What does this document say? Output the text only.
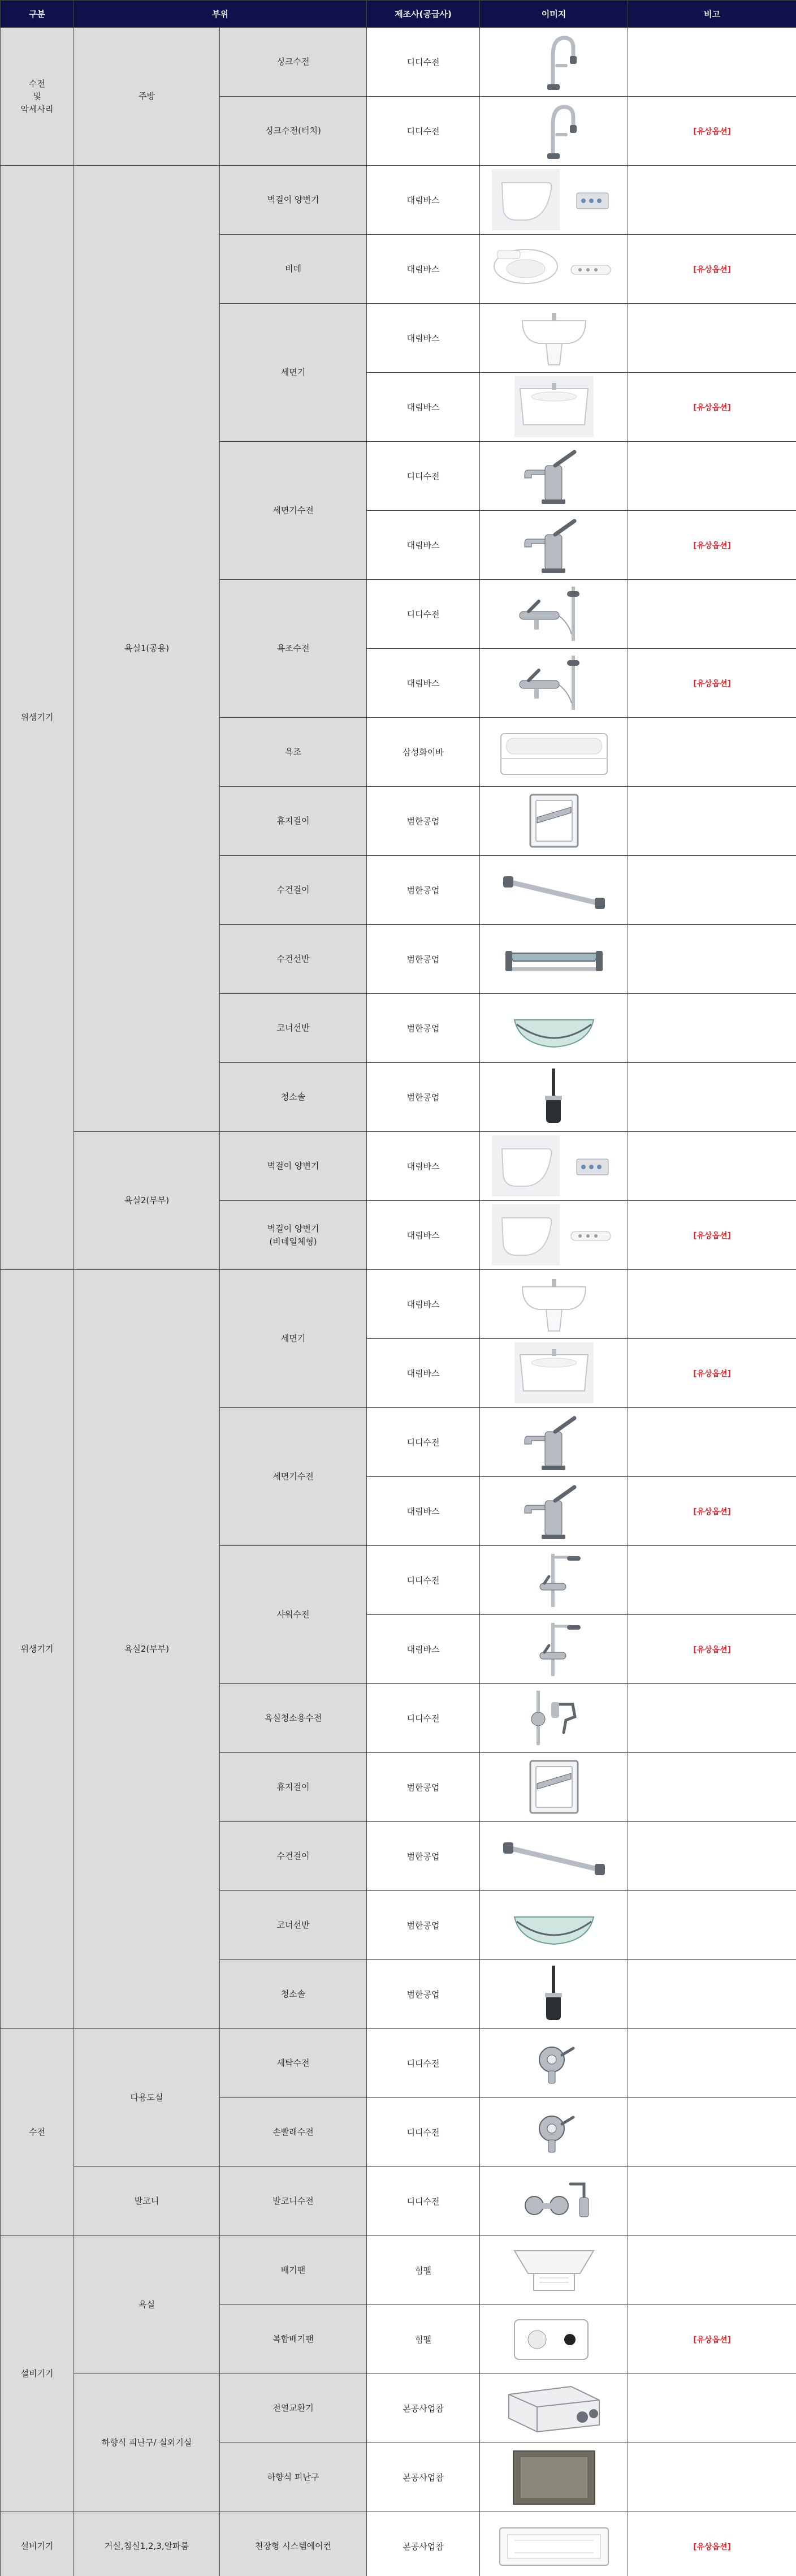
구분	부위		제조사(공급사)	이미지	비고
수전
및
악세사리	주방	싱크수전	디디수전	

		싱크수전(터치)	디디수전		[유상옵션]
위생기기	욕실1(공용)	벽걸이 양변기	대림바스	

		비데	대림바스		[유상옵션]
		세면기	대림바스	

			대림바스		[유상옵션]
		세면기수전	디디수전	

			대림바스		[유상옵션]
		욕조수전	디디수전	

			대림바스		[유상옵션]
		욕조	삼성화이바	

		휴지걸이	범한공업	

		수건걸이	범한공업	

		수건선반	범한공업	

		코너선반	범한공업	

		청소솔	범한공업	

	욕실2(부부)	벽걸이 양변기	대림바스	

		벽걸이 양변기
(비데일체형)	대림바스		[유상옵션]
위생기기	욕실2(부부)	세면기	대림바스	

			대림바스		[유상옵션]
		세면기수전	디디수전	

			대림바스		[유상옵션]
		샤워수전	디디수전	

			대림바스		[유상옵션]
		욕실청소용수전	디디수전	

		휴지걸이	범한공업	

		수건걸이	범한공업	

		코너선반	범한공업	

		청소솔	범한공업	

수전	다용도실	세탁수전	디디수전	

		손빨래수전	디디수전	

	발코니	발코니수전	디디수전	

설비기기	욕실	배기팬	힘펠	

		복합배기팬	힘펠		[유상옵션]
	하향식 피난구/ 실외기실	전열교환기	본공사업참	

		하향식 피난구	본공사업참	

설비기기	거실,침실1,2,3,알파룸	천장형 시스템에어컨	본공사업참		[유상옵션]
